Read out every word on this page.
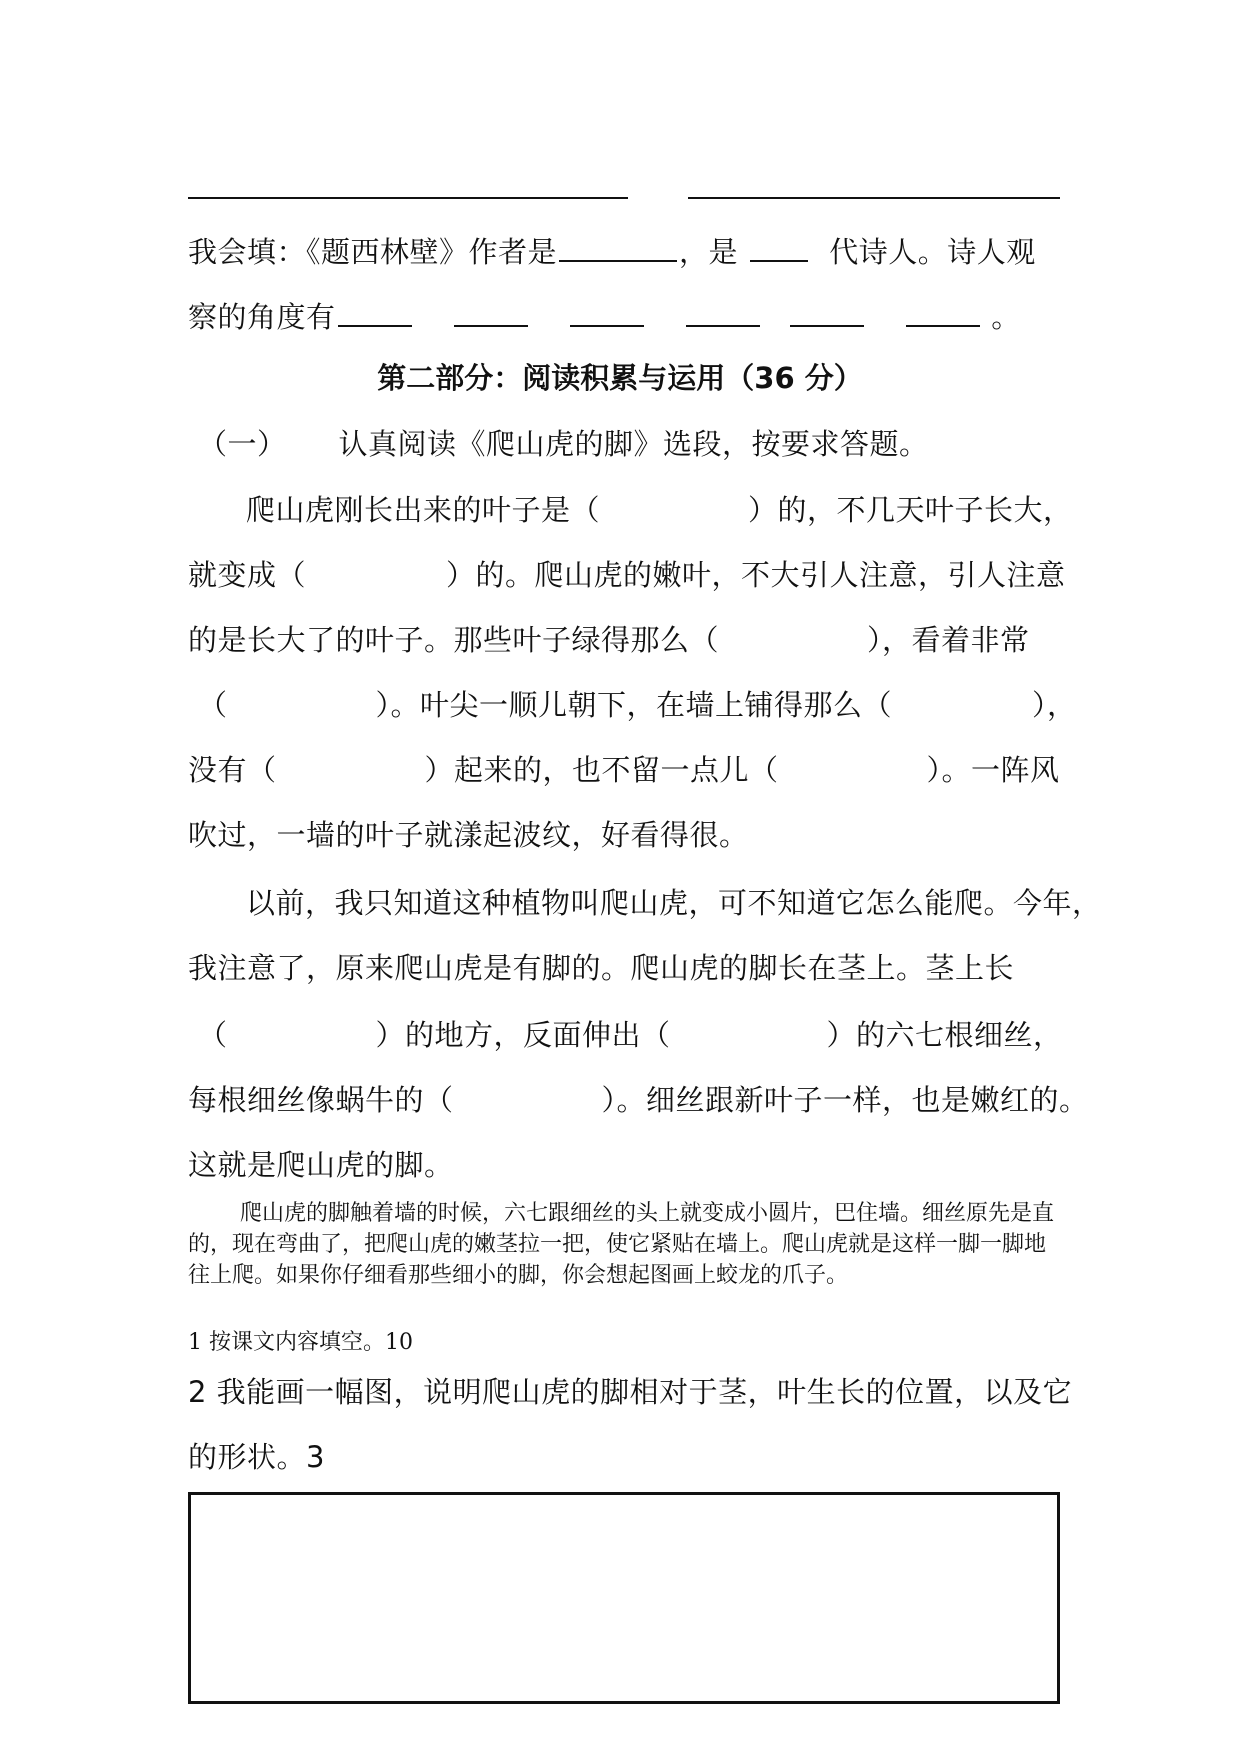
我会填：《题西林壁》作者是	，是	代诗人。诗人观
察的角度有	。
第二部分：阅读积累与运用（36 分）
（一） 认真阅读《爬山虎的脚》选段，按要求答题。
爬山虎刚长出来的叶子是（	）的，不几天叶子长大，
就变成（	）的。爬山虎的嫩叶，不大引人注意，引人注意
的是长大了的叶子。那些叶子绿得那么（	），看着非常
（	）。叶尖一顺儿朝下，在墙上铺得那么（	），
没有（	）起来的，也不留一点儿（	）。一阵风
吹过，一墙的叶子就漾起波纹，好看得很。
以前，我只知道这种植物叫爬山虎，可不知道它怎么能爬。今年，
我注意了，原来爬山虎是有脚的。爬山虎的脚长在茎上。茎上长
（	）的地方，反面伸出（	）的六七根细丝，
每根细丝像蜗牛的（	）。细丝跟新叶子一样，也是嫩红的。
这就是爬山虎的脚。

爬山虎的脚触着墙的时候，六七跟细丝的头上就变成小圆片，巴住墙。细丝原先是直的，现在弯曲了，把爬山虎的嫩茎拉一把，使它紧贴在墙上。爬山虎就是这样一脚一脚地往上爬。如果你仔细看那些细小的脚，你会想起图画上蛟龙的爪子。

1 按课文内容填空。10
2 我能画一幅图，说明爬山虎的脚相对于茎，叶生长的位置，以及它
的形状。3
